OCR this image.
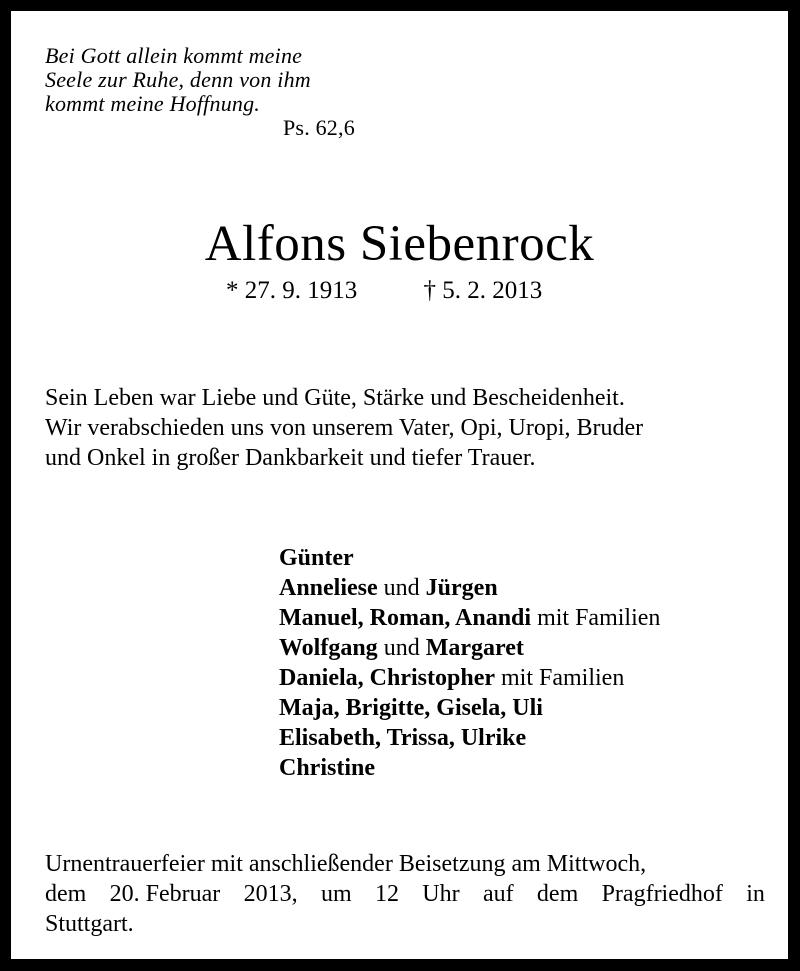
Bei Gott allein kommt meine
Seele zur Ruhe, denn von ihm
kommt meine Hoffnung.
Ps. 62,6
Alfons Siebenrock
* 27. 9. 1913	† 5. 2. 2013
Sein Leben war Liebe und Güte, Stärke und Bescheidenheit.
Wir verabschieden uns von unserem Vater, Opi, Uropi, Bruder
und Onkel in großer Dankbarkeit und tiefer Trauer.
Günter
Anneliese und Jürgen
Manuel, Roman, Anandi mit Familien
Wolfgang und Margaret
Daniela, Christopher mit Familien
Maja, Brigitte, Gisela, Uli
Elisabeth, Trissa, Ulrike
Christine
Urnentrauerfeier mit anschließender Beisetzung am Mittwoch,
dem 20. Februar 2013, um 12 Uhr auf dem Pragfriedhof in
Stuttgart.
